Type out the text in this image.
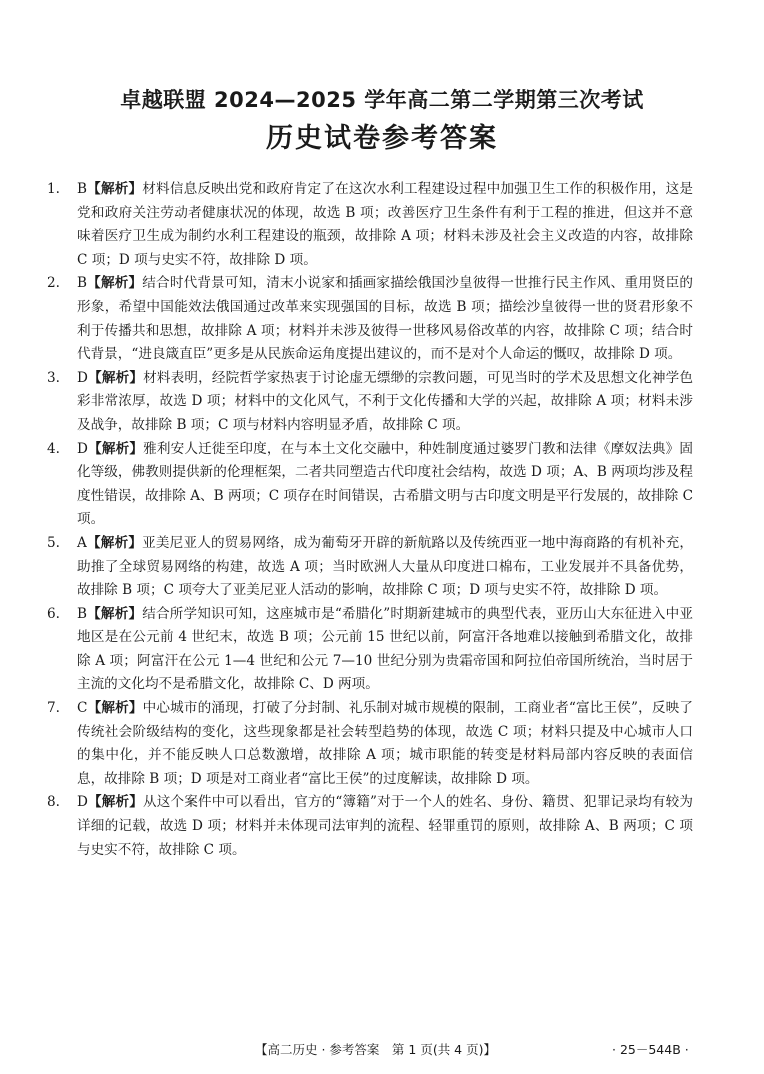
卓越联盟 2024—2025 学年高二第二学期第三次考试
历史试卷参考答案
1.	B【解析】材料信息反映出党和政府肯定了在这次水利工程建设过程中加强卫生工作的积极作用，这是党和政府关注劳动者健康状况的体现，故选 B 项；改善医疗卫生条件有利于工程的推进，但这并不意味着医疗卫生成为制约水利工程建设的瓶颈，故排除 A 项；材料未涉及社会主义改造的内容，故排除 C 项；D 项与史实不符，故排除 D 项。
2.	B【解析】结合时代背景可知，清末小说家和插画家描绘俄国沙皇彼得一世推行民主作风、重用贤臣的形象，希望中国能效法俄国通过改革来实现强国的目标，故选 B 项；描绘沙皇彼得一世的贤君形象不利于传播共和思想，故排除 A 项；材料并未涉及彼得一世移风易俗改革的内容，故排除 C 项；结合时代背景，“进良箴直臣”更多是从民族命运角度提出建议的，而不是对个人命运的慨叹，故排除 D 项。
3.	D【解析】材料表明，经院哲学家热衷于讨论虚无缥缈的宗教问题，可见当时的学术及思想文化神学色彩非常浓厚，故选 D 项；材料中的文化风气，不利于文化传播和大学的兴起，故排除 A 项；材料未涉及战争，故排除 B 项；C 项与材料内容明显矛盾，故排除 C 项。
4.	D【解析】雅利安人迁徙至印度，在与本土文化交融中，种姓制度通过婆罗门教和法律《摩奴法典》固化等级，佛教则提供新的伦理框架，二者共同塑造古代印度社会结构，故选 D 项；A、B 两项均涉及程度性错误，故排除 A、B 两项；C 项存在时间错误，古希腊文明与古印度文明是平行发展的，故排除 C 项。
5.	A【解析】亚美尼亚人的贸易网络，成为葡萄牙开辟的新航路以及传统西亚一地中海商路的有机补充，助推了全球贸易网络的构建，故选 A 项；当时欧洲人大量从印度进口棉布，工业发展并不具备优势，故排除 B 项；C 项夸大了亚美尼亚人活动的影响，故排除 C 项；D 项与史实不符，故排除 D 项。
6.	B【解析】结合所学知识可知，这座城市是“希腊化”时期新建城市的典型代表，亚历山大东征进入中亚地区是在公元前 4 世纪末，故选 B 项；公元前 15 世纪以前，阿富汗各地难以接触到希腊文化，故排除 A 项；阿富汗在公元 1—4 世纪和公元 7—10 世纪分别为贵霜帝国和阿拉伯帝国所统治，当时居于主流的文化均不是希腊文化，故排除 C、D 两项。
7.	C【解析】中心城市的涌现，打破了分封制、礼乐制对城市规模的限制，工商业者“富比王侯”，反映了传统社会阶级结构的变化，这些现象都是社会转型趋势的体现，故选 C 项；材料只提及中心城市人口的集中化，并不能反映人口总数激增，故排除 A 项；城市职能的转变是材料局部内容反映的表面信息，故排除 B 项；D 项是对工商业者“富比王侯”的过度解读，故排除 D 项。
8.	D【解析】从这个案件中可以看出，官方的“簿籍”对于一个人的姓名、身份、籍贯、犯罪记录均有较为详细的记载，故选 D 项；材料并未体现司法审判的流程、轻罪重罚的原则，故排除 A、B 两项；C 项与史实不符，故排除 C 项。
【高二历史 · 参考答案　第 1 页(共 4 页)】	· 25－544B ·
